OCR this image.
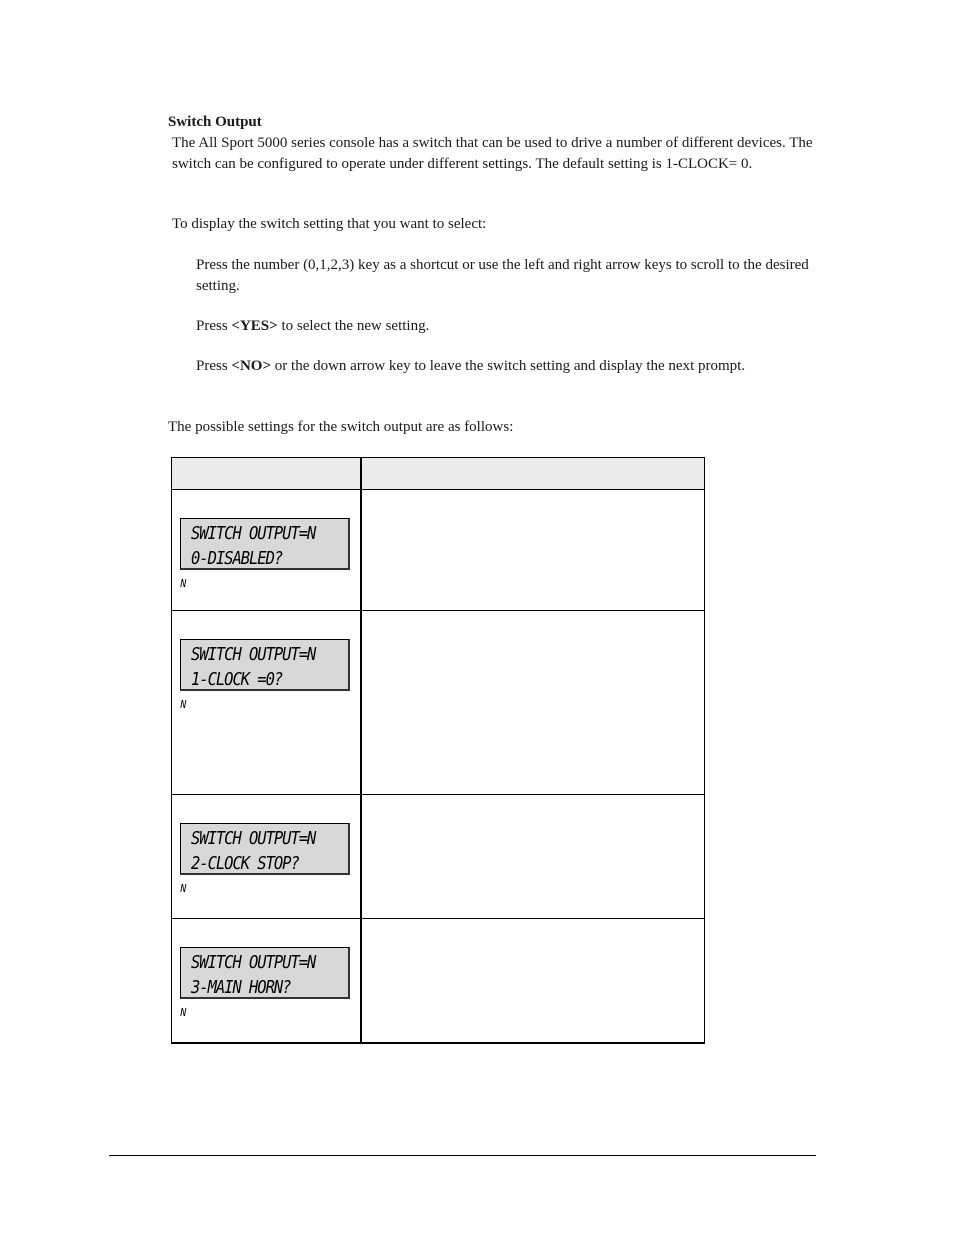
Switch Output

The All Sport 5000 series console has a switch that can be used to drive a number of different devices. The switch can be configured to operate under different settings. The default setting is 1-CLOCK= 0.

To display the switch setting that you want to select:

Press the number (0,1,2,3) key as a shortcut or use the left and right arrow keys to scroll to the desired setting.

Press <YES> to select the new setting.

Press <NO> or the down arrow key to leave the switch setting and display the next prompt.

The possible settings for the switch output are as follows:

SWITCH OUTPUT=N
0-DISABLED?
N	

SWITCH OUTPUT=N
1-CLOCK =0?
N	

SWITCH OUTPUT=N
2-CLOCK STOP?
N	

SWITCH OUTPUT=N
3-MAIN HORN?
N	
